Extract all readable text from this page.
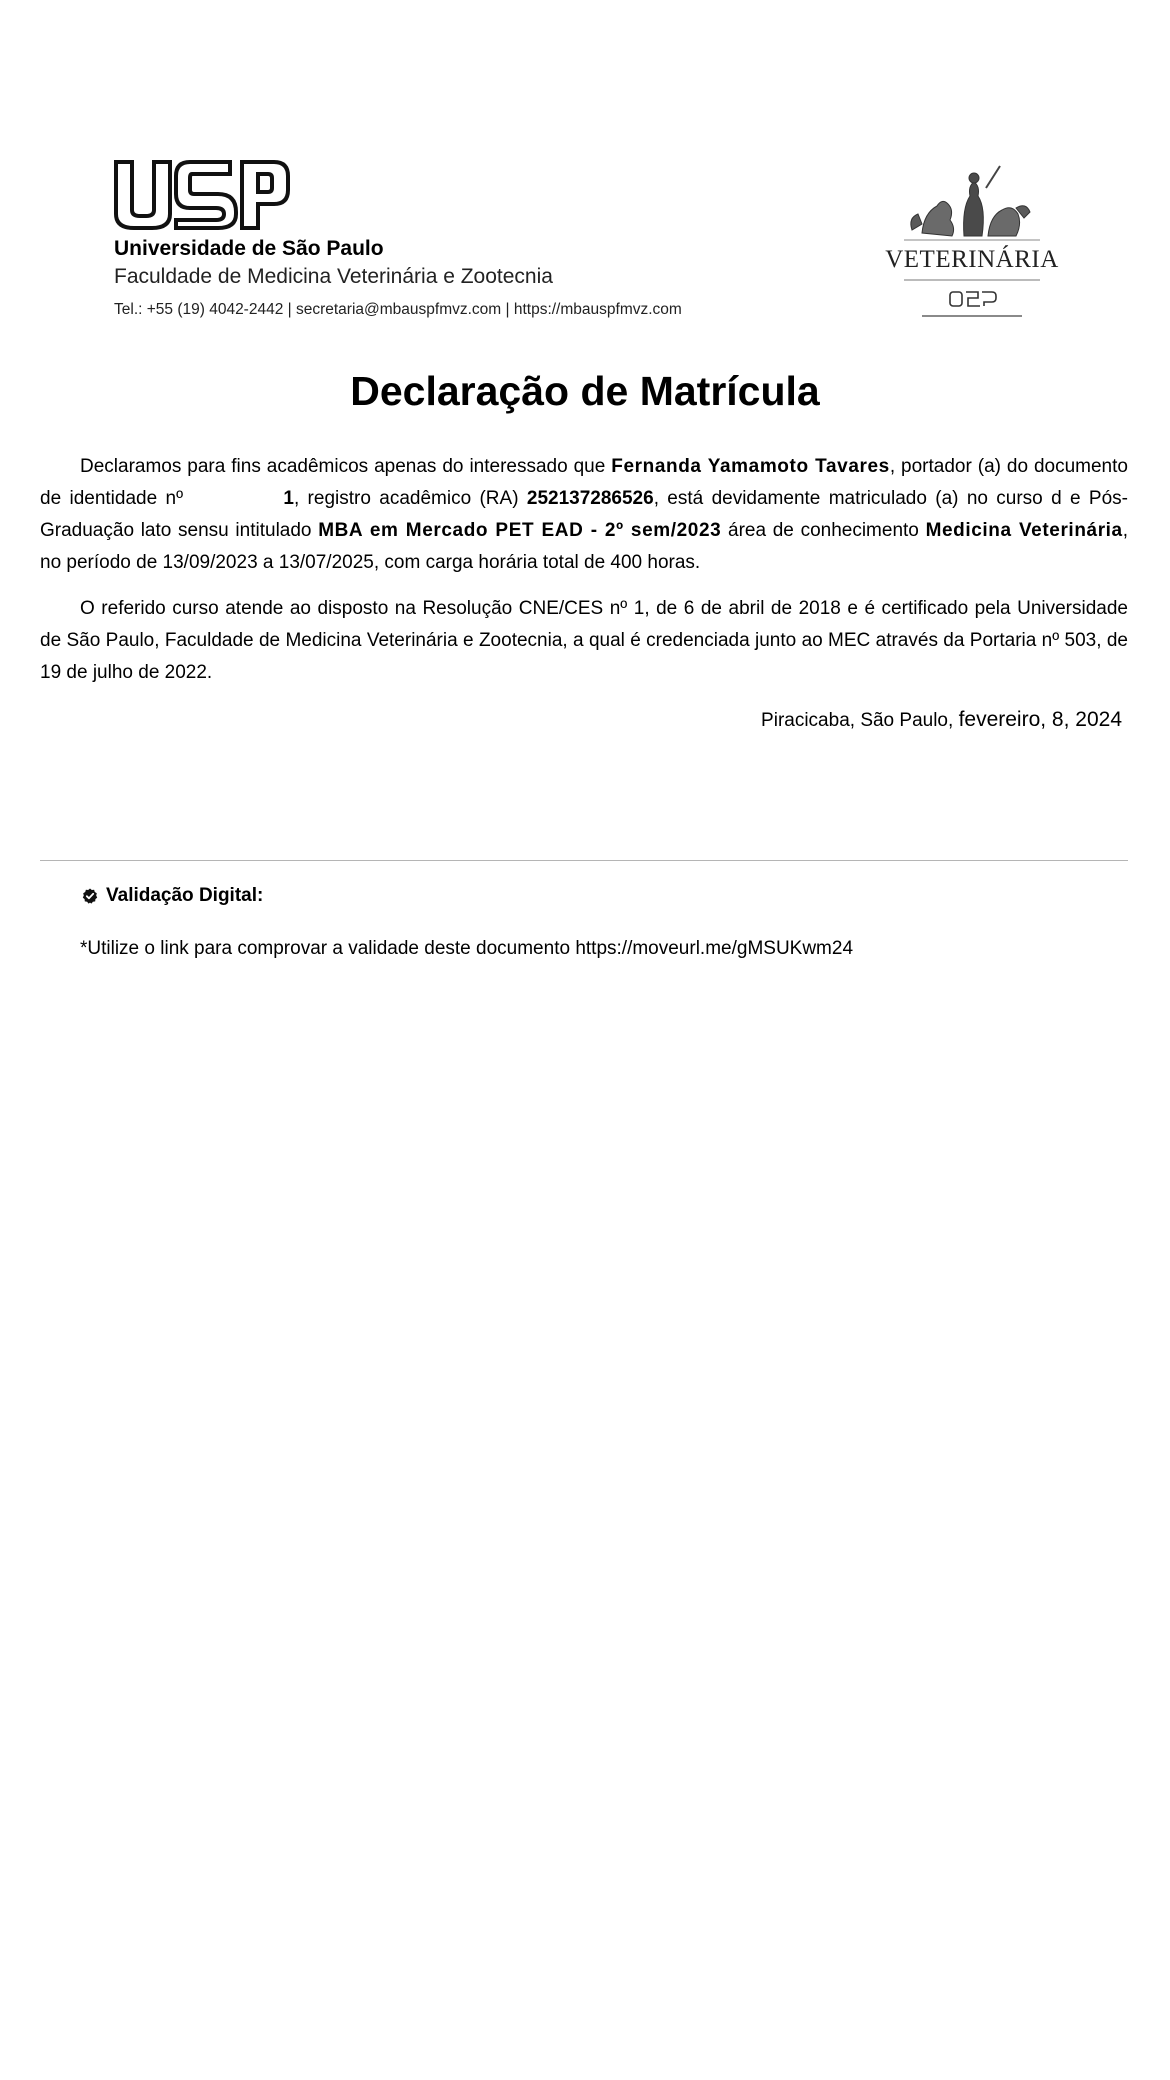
Universidade de São Paulo
Faculdade de Medicina Veterinária e Zootecnia
Tel.: +55 (19) 4042-2442 | secretaria@mbauspfmvz.com | https://mbauspfmvz.com
VETERINÁRIA
Declaração de Matrícula
Declaramos para fins acadêmicos apenas do interessado que Fernanda Yamamoto Tavares, portador (a) do documento de identidade nº	1, registro acadêmico (RA) 252137286526, está devidamente matriculado (a) no curso d e Pós-Graduação lato sensu intitulado MBA em Mercado PET EAD - 2º sem/2023 área de conhecimento Medicina Veterinária, no período de 13/09/2023 a 13/07/2025, com carga horária total de 400 horas.
O referido curso atende ao disposto na Resolução CNE/CES nº 1, de 6 de abril de 2018 e é certificado pela Universidade de São Paulo, Faculdade de Medicina Veterinária e Zootecnia, a qual é credenciada junto ao MEC através da Portaria nº 503, de 19 de julho de 2022.
Piracicaba, São Paulo, fevereiro, 8, 2024
Validação Digital:
*Utilize o link para comprovar a validade deste documento https://moveurl.me/gMSUKwm24
